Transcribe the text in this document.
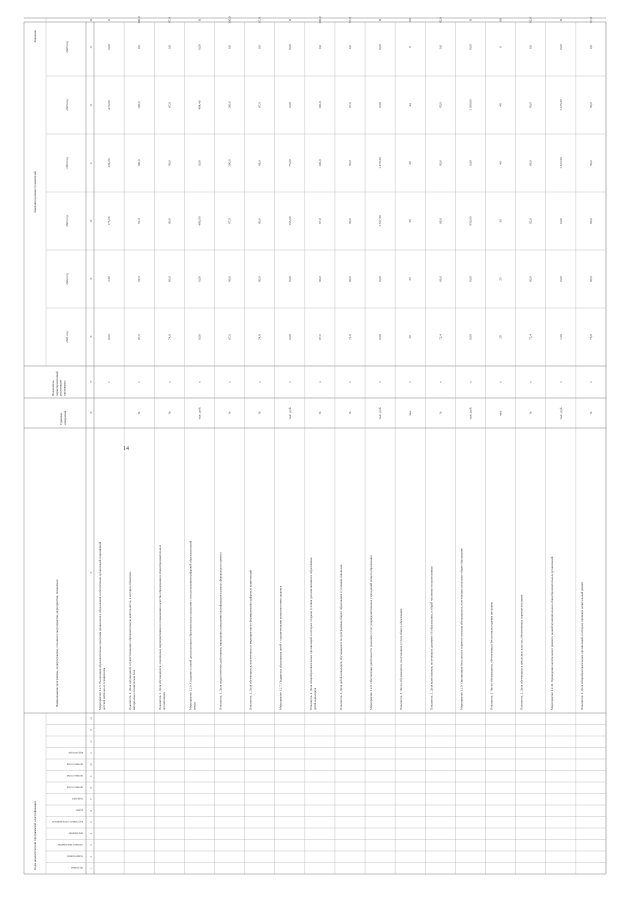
14
Коды аналитической программной классификации
Значения целевых показателей
программа
подпрограмма
основное мероприятие
мероприятие
код главного распорядителя
раздел
подраздел
целевая статья
целевая статья
целевая статья
вид расходов
Наименование программы, подпрограммы, основного мероприятия, мероприятия, показателя
Единица измерения
Показатель, характеризующий реализацию программы
2021 год
2022 год
2023 год
2024 год
2025 год
2026 год
Значение
1
2
3
4
5
6
7
8
9
10
11
12
13
14
15
16
17
18
19
20
21
22
23
24
Мероприятие 1.2.5. Реализация образовательных программ дошкольного образования и обеспечение организаций современной детской мебелью и оснащением
х
0,00
3,50
175,00
236,00
470,00
0,00
8
Показатель 1. Доля организаций, осуществляющих образовательную деятельность, в которых обновлена материально-техническая база
%
х
87,0
92,0
91,0
100,0
100,0
0,0
100,0
Показатель 2. Доля обучающихся, охваченных мероприятиями по повышению качества образования в общеобразовательных организациях
%
х
74,8
80,0
80,0
90,0
87,0
0,0
97,0
Мероприятие 1.2.6. Создание условий для реализации образовательных программ с использованием цифровой образовательной среды
тыс. руб.
х
0,00
0,00
486,00
0,00
484,40
0,00
Х
Показатель 1. Доля педагогических работников, прошедших повышение квалификации в рамках федерального проекта
%
х
87,0
90,0
97,0
100,0
100,0
0,0
100,0
Показатель 2. Доля обучающихся, вовлеченных в мероприятия по формированию цифровых компетенций
%
х
74,8
80,0
80,0
88,0
87,0
0,0
97,0
Мероприятие 1.2.7. Поддержка образования детей с ограниченными возможностями здоровья
тыс. руб.
х
0,00
0,00
165,00
75,00
0,00
0,00
Х
Показатель 1. Доля общеобразовательных организаций, в которых созданы условия для инклюзивного образования детей-инвалидов
%
х
87,0
90,0
97,0
100,0
100,0
0,0
100,0
Показатель 2. Доля детей-инвалидов, обучающихся по программам общего образования в условиях инклюзии
%
х
71,9
80,0
80,0
90,0
87,0
0,0
97,0
Мероприятие 1.2.8. Обеспечение деятельности (оказание услуг) подведомственных учреждений общего образования
тыс. руб.
х
0,00
0,00
1 327,50
1 478,50
0,00
0,00
Х
Показатель 1. Число обучающихся, получающих услуги общего образования
чел.
х
20
23
30
40
44
0
60
Показатель 2. Доля выпускников, получивших документ об образовании, в общей численности выпускников
%
х
72,4
86,0
88,0
90,0
95,0
0,0
92,0
Мероприятие 1.2.9. Организация бесплатного горячего питания обучающихся, получающих начальное общее образование
тыс. руб.
х
0,00
0,00
850,00
0,00
1 300,00
0,00
Х
Показатель 1. Число обучающихся, обеспеченных бесплатным горячим питанием
чел.
х
29
25
30
40
48
0
68
Показатель 2. Доля обучающихся начальных классов, обеспеченных горячим питанием
%
х
72,4
80,0
82,0
86,0
90,0
0,0
92,0
Мероприятие 1.2.10. Проведение капитального ремонта зданий муниципальных общеобразовательных организаций
тыс. руб.
х
1,00
0,00
0,00
1 423,50
1 125,50
0,00
Х
Показатель 1. Доля общеобразовательных организаций, в которых проведен капитальный ремонт
%
х
76,8
80,0
80,0
90,0
90,0
0,0
97,0
